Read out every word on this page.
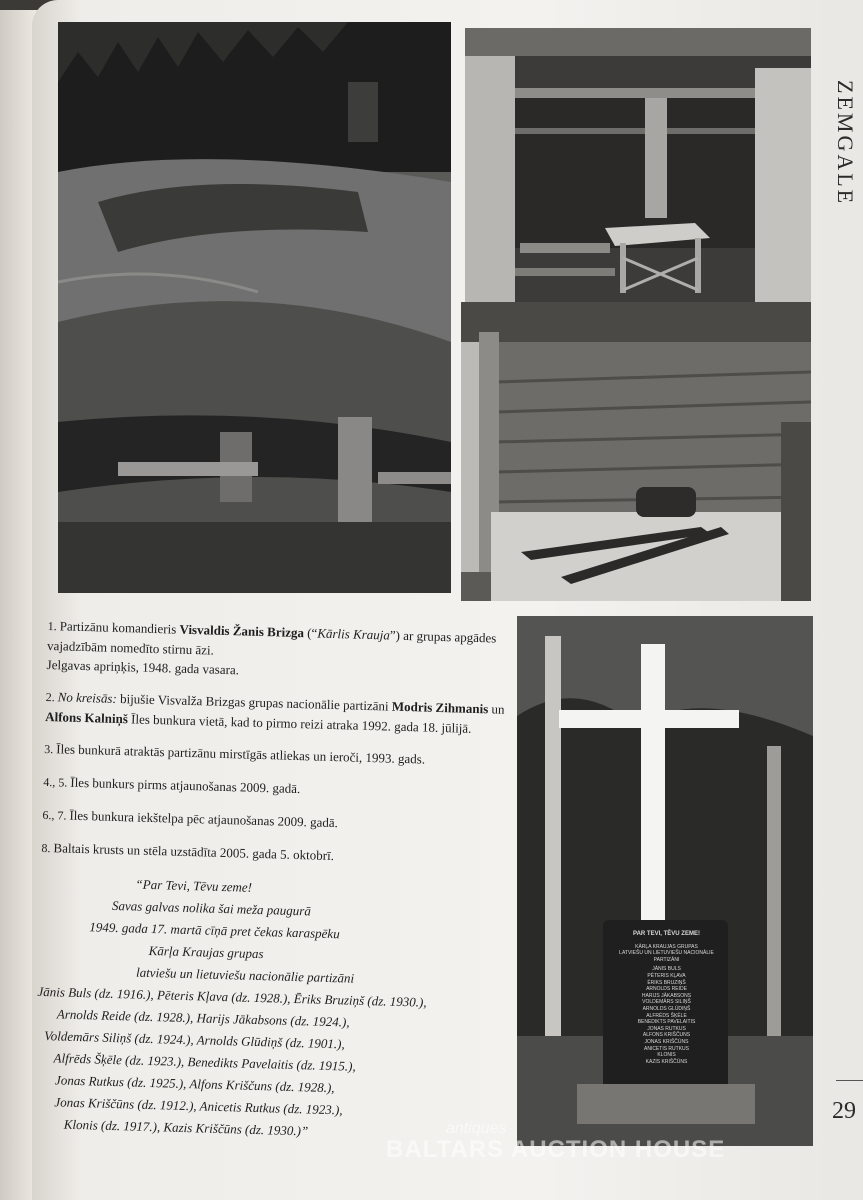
PAR TEVI, TĒVU ZEME!
KĀRĻA KRAUJAS GRUPAS
LATVIEŠU UN LIETUVIEŠU NACIONĀLIE PARTIZĀNI
JĀNIS BULS
PĒTERIS KĻAVA
ĒRIKS BRUZIŅŠ
ARNOLDS REIDE
HARIJS JĀKABSONS
VOLDEMĀRS SILIŅŠ
ARNOLDS GLŪDIŅŠ
ALFRĒDS ŠĶĒLE
BENEDIKTS PAVELAITIS
JONAS RUTKUS
ALFONS KRIŠČUNS
JONAS KRIŠČŪNS
ANICETIS RUTKUS
KLONIS
KAZIS KRIŠČŪNS
ZEMGALE
29
1. Partizānu komandieris Visvaldis Žanis Brizga (“Kārlis Krauja”) ar grupas apgādes vajadzībām nomedīto stirnu āzi.
Jelgavas apriņķis, 1948. gada vasara.
2. No kreisās: bijušie Visvalža Brizgas grupas nacionālie partizāni Modris Zihmanis un Alfons Kalniņš Īles bunkura vietā, kad to pirmo reizi atraka 1992. gada 18. jūlijā.
3. Īles bunkurā atraktās partizānu mirstīgās atliekas un ieroči, 1993. gads.
4., 5. Īles bunkurs pirms atjaunošanas 2009. gadā.
6., 7. Īles bunkura iekštelpa pēc atjaunošanas 2009. gadā.
8. Baltais krusts un stēla uzstādīta 2005. gada 5. oktobrī.
“Par Tevi, Tēvu zeme!
Savas galvas nolika šai meža paugurā
1949. gada 17. martā cīņā pret čekas karaspēku
Kārļa Kraujas grupas
latviešu un lietuviešu nacionālie partizāni
Jānis Buls (dz. 1916.), Pēteris Kļava (dz. 1928.), Ēriks Bruziņš (dz. 1930.),
Arnolds Reide (dz. 1928.), Harijs Jākabsons (dz. 1924.),
Voldemārs Siliņš (dz. 1924.), Arnolds Glūdiņš (dz. 1901.),
Alfrēds Šķēle (dz. 1923.), Benedikts Pavelaitis (dz. 1915.),
Jonas Rutkus (dz. 1925.), Alfons Kriščuns (dz. 1928.),
Jonas Kriščūns (dz. 1912.), Anicetis Rutkus (dz. 1923.),
Klonis (dz. 1917.), Kazis Kriščūns (dz. 1930.)”	antiques
BALTARS AUCTION HOUSE
